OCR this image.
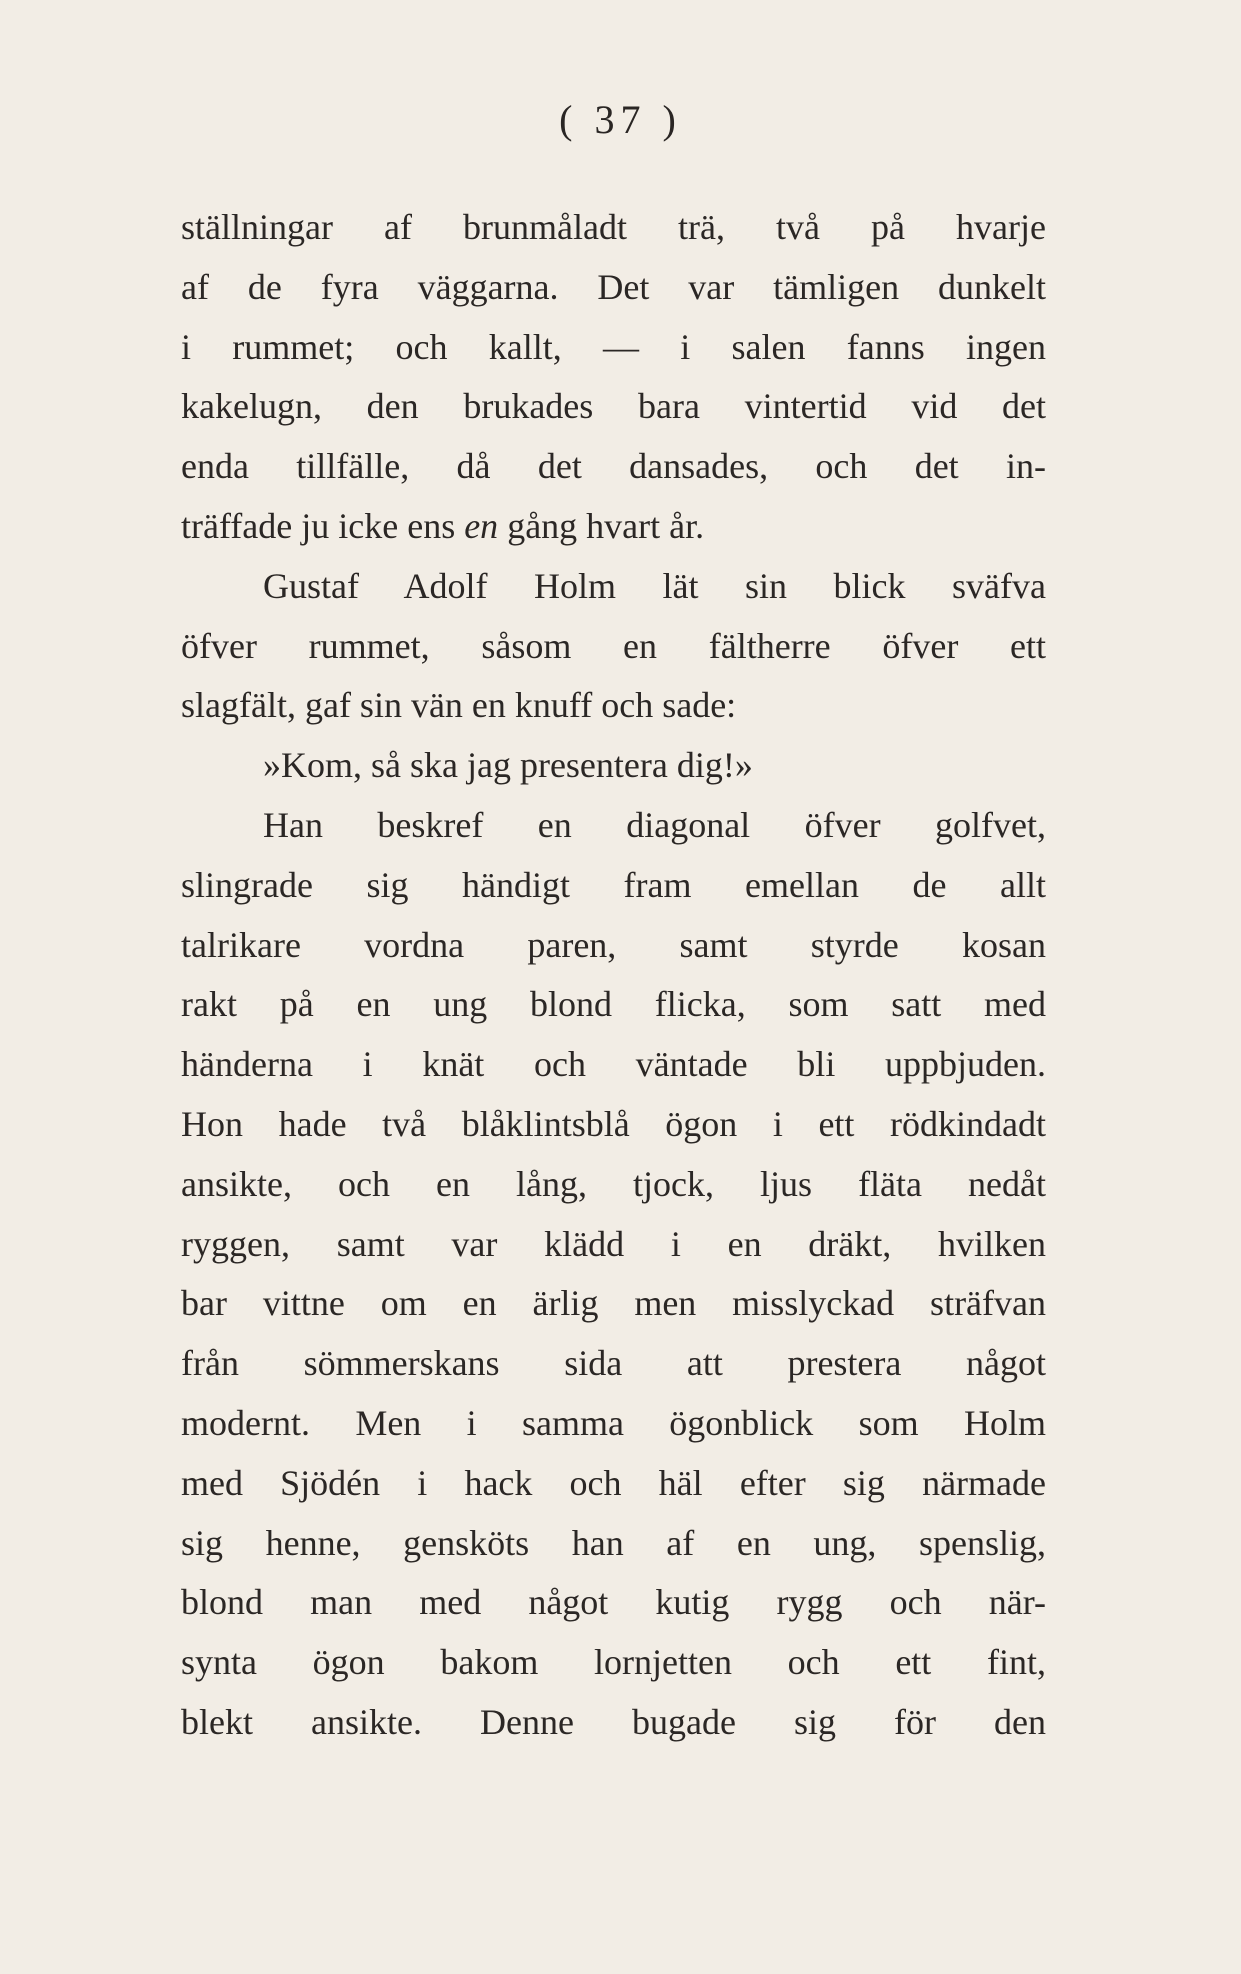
( 37 )
ställningar af brunmåladt trä, två på hvarje
af de fyra väggarna. Det var tämligen dunkelt
i rummet; och kallt, — i salen fanns ingen
kakelugn, den brukades bara vintertid vid det
enda tillfälle, då det dansades, och det in-
träffade ju icke ens en gång hvart år.
Gustaf Adolf Holm lät sin blick sväfva
öfver rummet, såsom en fältherre öfver ett
slagfält, gaf sin vän en knuff och sade:
»Kom, så ska jag presentera dig!»
Han beskref en diagonal öfver golfvet,
slingrade sig händigt fram emellan de allt
talrikare vordna paren, samt styrde kosan
rakt på en ung blond flicka, som satt med
händerna i knät och väntade bli uppbjuden.
Hon hade två blåklintsblå ögon i ett rödkindadt
ansikte, och en lång, tjock, ljus fläta nedåt
ryggen, samt var klädd i en dräkt, hvilken
bar vittne om en ärlig men misslyckad sträfvan
från sömmerskans sida att prestera något
modernt. Men i samma ögonblick som Holm
med Sjödén i hack och häl efter sig närmade
sig henne, gensköts han af en ung, spenslig,
blond man med något kutig rygg och när-
synta ögon bakom lornjetten och ett fint,
blekt ansikte. Denne bugade sig för den
